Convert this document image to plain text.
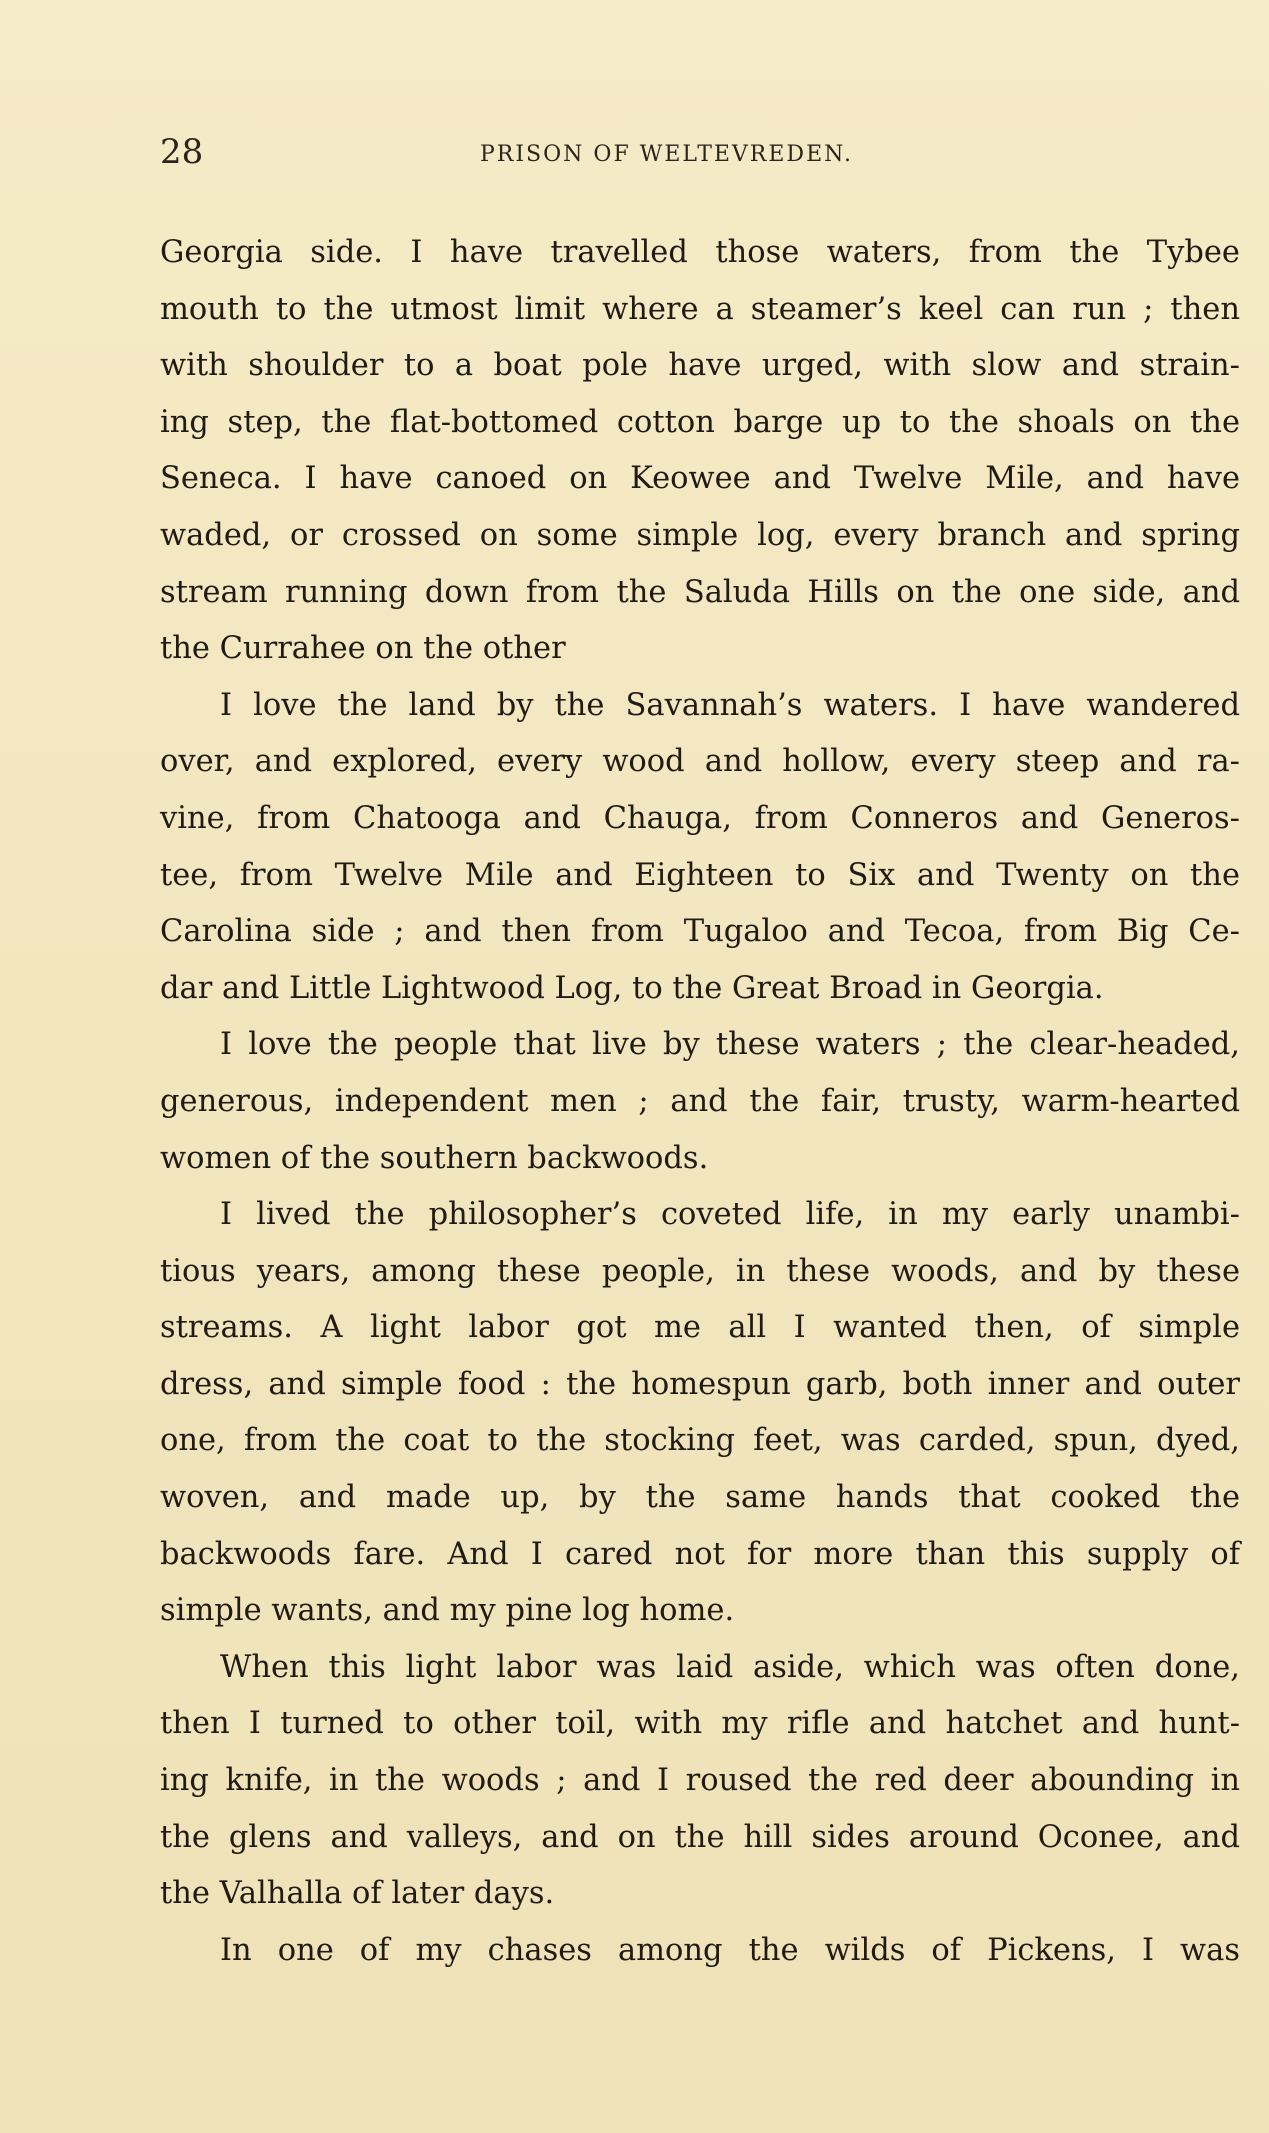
28	PRISON OF WELTEVREDEN.
Georgia side. I have travelled those waters, from the Tybee
mouth to the utmost limit where a steamer’s keel can run ; then
with shoulder to a boat pole have urged, with slow and strain-
ing step, the flat-bottomed cotton barge up to the shoals on the
Seneca. I have canoed on Keowee and Twelve Mile, and have
waded, or crossed on some simple log, every branch and spring
stream running down from the Saluda Hills on the one side, and
the Currahee on the other
I love the land by the Savannah’s waters. I have wandered
over, and explored, every wood and hollow, every steep and ra-
vine, from Chatooga and Chauga, from Conneros and Generos-
tee, from Twelve Mile and Eighteen to Six and Twenty on the
Carolina side ; and then from Tugaloo and Tecoa, from Big Ce-
dar and Little Lightwood Log, to the Great Broad in Georgia.
I love the people that live by these waters ; the clear-headed,
generous, independent men ; and the fair, trusty, warm-hearted
women of the southern backwoods.
I lived the philosopher’s coveted life, in my early unambi-
tious years, among these people, in these woods, and by these
streams. A light labor got me all I wanted then, of simple
dress, and simple food : the homespun garb, both inner and outer
one, from the coat to the stocking feet, was carded, spun, dyed,
woven, and made up, by the same hands that cooked the
backwoods fare. And I cared not for more than this supply of
simple wants, and my pine log home.
When this light labor was laid aside, which was often done,
then I turned to other toil, with my rifle and hatchet and hunt-
ing knife, in the woods ; and I roused the red deer abounding in
the glens and valleys, and on the hill sides around Oconee, and
the Valhalla of later days.
In one of my chases among the wilds of Pickens, I was
